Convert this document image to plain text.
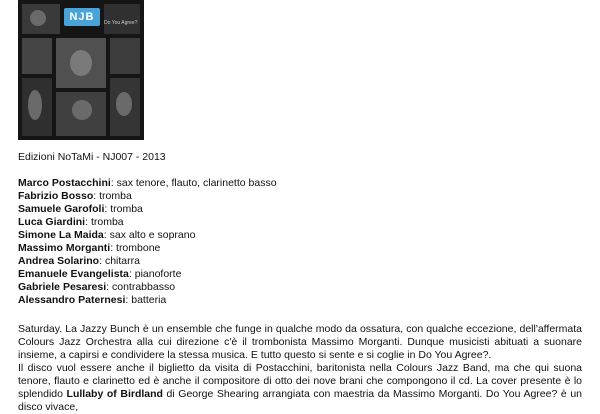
NJB	Do You Agree?
Edizioni NoTaMi - NJ007 - 2013
Marco Postacchini: sax tenore, flauto, clarinetto basso
Fabrizio Bosso: tromba
Samuele Garofoli: tromba
Luca Giardini: tromba
Simone La Maida: sax alto e soprano
Massimo Morganti: trombone
Andrea Solarino: chitarra
Emanuele Evangelista: pianoforte
Gabriele Pesaresi: contrabbasso
Alessandro Paternesi: batteria

Saturday. La Jazzy Bunch è un ensemble che funge in qualche modo da ossatura, con qualche eccezione, dell'affermata Colours Jazz Orchestra alla cui direzione c'è il trombonista Massimo Morganti. Dunque musicisti abituati a suonare insieme, a capirsi e condividere la stessa musica. E tutto questo si sente e si coglie in Do You Agree?.

Il disco vuol essere anche il biglietto da visita di Postacchini, baritonista nella Colours Jazz Band, ma che qui suona tenore, flauto e clarinetto ed è anche il compositore di otto dei nove brani che compongono il cd. La cover presente è lo splendido Lullaby of Birdland di George Shearing arrangiata con maestria da Massimo Morganti. Do You Agree? è un disco vivace,
